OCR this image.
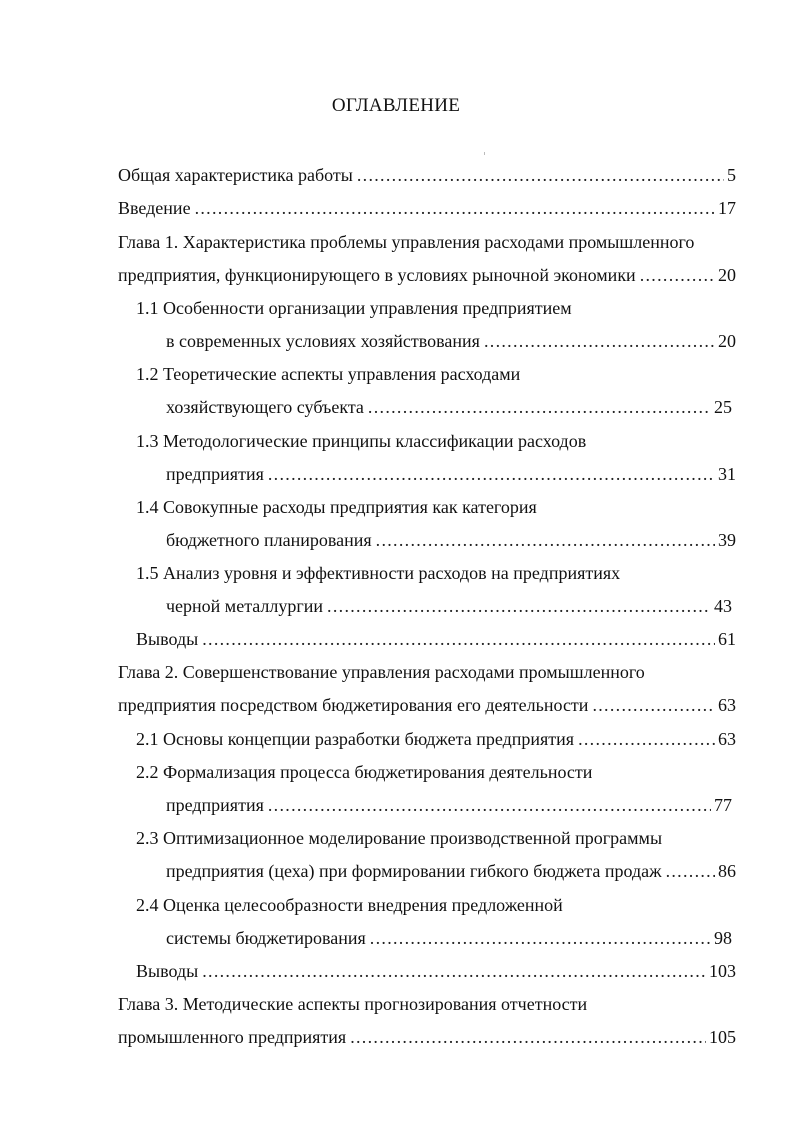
ОГЛАВЛЕНИЕ
Общая характеристика работы . . .	5
Введение . . .	17
Глава 1. Характеристика проблемы управления расходами промышленного
предприятия, функционирующего в условиях рыночной экономики . . .	20
1.1 Особенности организации управления предприятием
в современных условиях хозяйствования . . .	20
1.2 Теоретические аспекты управления расходами
хозяйствующего субъекта . . .	25
1.3 Методологические принципы классификации расходов
предприятия . . .	31
1.4 Совокупные расходы предприятия как категория
бюджетного планирования . . .	39
1.5 Анализ уровня и эффективности расходов на предприятиях
черной металлургии . . .	43
Выводы . . .	61
Глава 2. Совершенствование управления расходами промышленного
предприятия посредством бюджетирования его деятельности . . .	63
2.1 Основы концепции разработки бюджета предприятия . . .	63
2.2 Формализация процесса бюджетирования деятельности
предприятия . . .	77
2.3 Оптимизационное моделирование производственной программы
предприятия (цеха) при формировании гибкого бюджета продаж . . .	86
2.4 Оценка целесообразности внедрения предложенной
системы бюджетирования . . .	98
Выводы . . .	103
Глава 3. Методические аспекты прогнозирования отчетности
промышленного предприятия . . .	105
